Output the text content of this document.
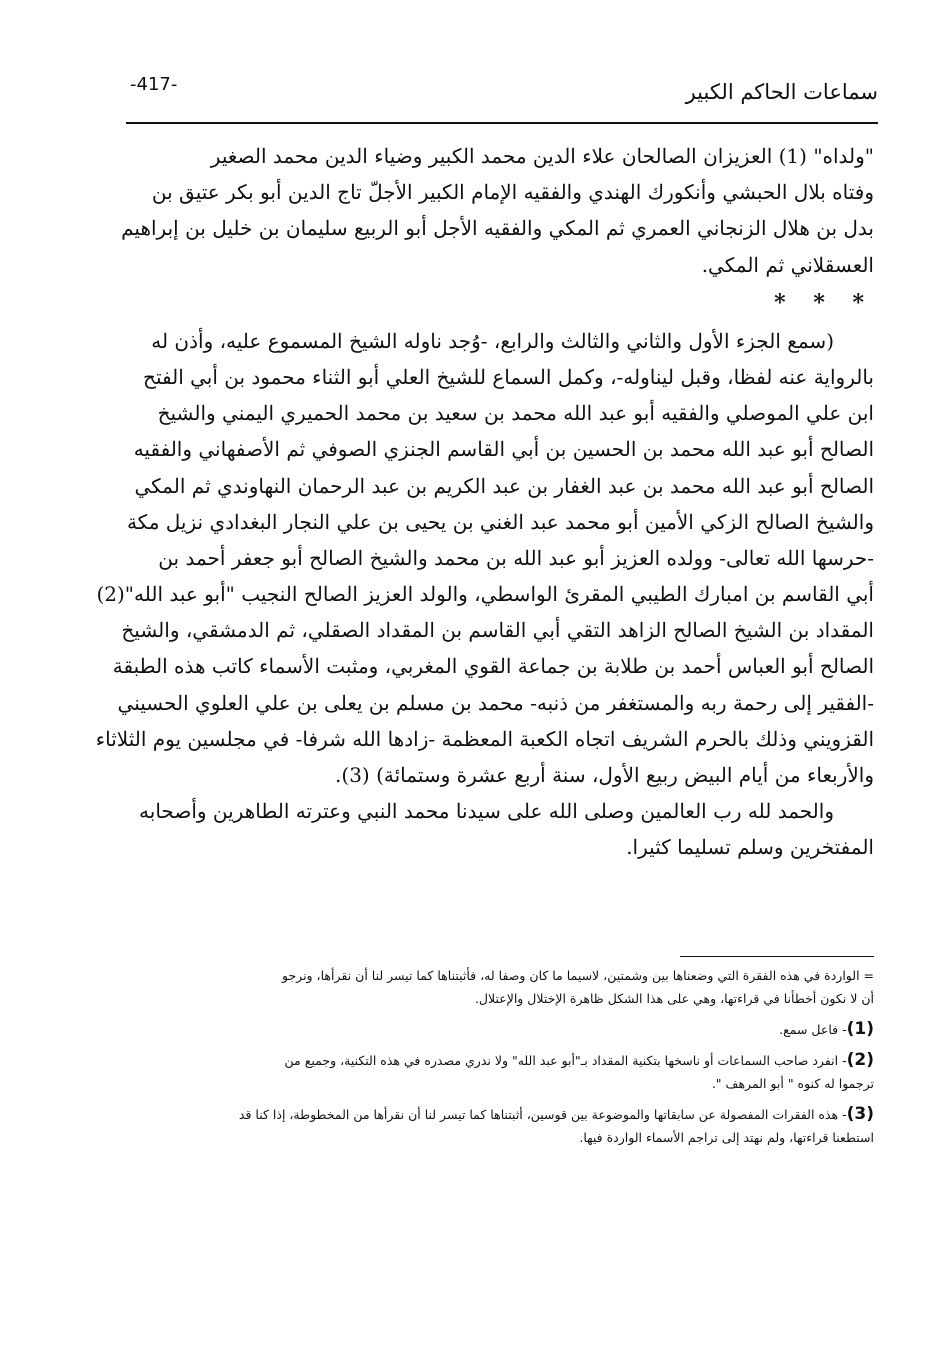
-417-	سماعات الحاكم الكبير
"ولداه" (1) العزيزان الصالحان علاء الدين محمد الكبير وضياء الدين محمد الصغير
وفتاه بلال الحبشي وأنكورك الهندي والفقيه الإمام الكبير الأجلّ تاج الدين أبو بكر عتيق بن
بدل بن هلال الزنجاني العمري ثم المكي والفقيه الأجل أبو الربيع سليمان بن خليل بن إبراهيم
العسقلاني ثم المكي.
* * *
(سمع الجزء الأول والثاني والثالث والرابع، -وُجد ناوله الشيخ المسموع عليه، وأذن له
بالرواية عنه لفظا، وقبل ليناوله-، وكمل السماع للشيخ العلي أبو الثناء محمود بن أبي الفتح
ابن علي الموصلي والفقيه أبو عبد الله محمد بن سعيد بن محمد الحميري اليمني والشيخ
الصالح أبو عبد الله محمد بن الحسين بن أبي القاسم الجنزي الصوفي ثم الأصفهاني والفقيه
الصالح أبو عبد الله محمد بن عبد الغفار بن عبد الكريم بن عبد الرحمان النهاوندي ثم المكي
والشيخ الصالح الزكي الأمين أبو محمد عبد الغني بن يحيى بن علي النجار البغدادي نزيل مكة
-حرسها الله تعالى- وولده العزيز أبو عبد الله بن محمد والشيخ الصالح أبو جعفر أحمد بن
أبي القاسم بن امبارك الطيبي المقرئ الواسطي، والولد العزيز الصالح النجيب "أبو عبد الله"(2)
المقداد بن الشيخ الصالح الزاهد التقي أبي القاسم بن المقداد الصقلي، ثم الدمشقي، والشيخ
الصالح أبو العباس أحمد بن طلابة بن جماعة القوي المغربي، ومثبت الأسماء كاتب هذه الطبقة
-الفقير إلى رحمة ربه والمستغفر من ذنبه- محمد بن مسلم بن يعلى بن علي العلوي الحسيني
القزويني وذلك بالحرم الشريف اتجاه الكعبة المعظمة -زادها الله شرفا- في مجلسين يوم الثلاثاء
والأربعاء من أيام البيض ربيع الأول، سنة أربع عشرة وستمائة) (3).
والحمد لله رب العالمين وصلى الله على سيدنا محمد النبي وعترته الطاهرين وأصحابه
المفتخرين وسلم تسليما كثيرا.
= الواردة في هذه الفقرة التي وضعناها بين وشمتين، لاسيما ما كان وصفا له، فأثبتناها كما تيسر لنا أن نقرأها، ونرجو
أن لا نكون أخطأنا في قراءتها، وهي على هذا الشكل ظاهرة الإختلال والإعتلال.
(1)- فاعل سمع.
(2)- انفرد صاحب السماعات أو ناسخها بتكنية المقداد بـ"أبو عبد الله" ولا ندري مصدره في هذه التكنية، وجميع من
ترجموا له كنوه " أبو المرهف ".
(3)- هذه الفقرات المفصولة عن سابقاتها والموضوعة بين قوسين، أثبتناها كما تيسر لنا أن نقرأها من المخطوطة، إذا كنا قد
استطعنا قراءتها، ولم نهتد إلى تراجم الأسماء الواردة فيها.
